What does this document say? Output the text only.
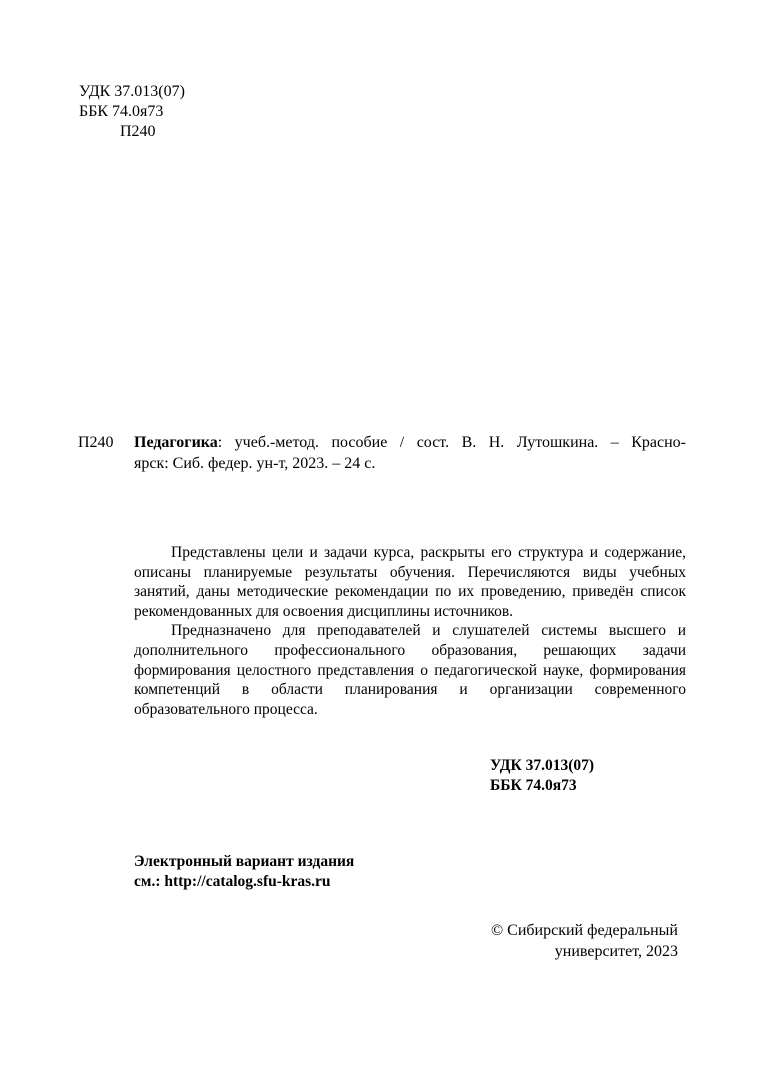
УДК 37.013(07)
ББК 74.0я73
П240
П240 Педагогика: учеб.-метод. пособие / сост. В. Н. Лутошкина. – Красно-
ярск: Сиб. федер. ун-т, 2023. – 24 с.

Представлены цели и задачи курса, раскрыты его структура и содержание, описаны планируемые результаты обучения. Перечисляются виды учебных занятий, даны методические рекомендации по их проведению, приведён список рекомендованных для освоения дисциплины источников.

Предназначено для преподавателей и слушателей системы высшего и дополнительного профессионального образования, решающих задачи формирования целостного представления о педагогической науке, формирования компетенций в области планирования и организации современного образовательного процесса.

УДК 37.013(07)
ББК 74.0я73
Электронный вариант издания
см.: http://catalog.sfu-kras.ru
© Сибирский федеральный
университет, 2023
